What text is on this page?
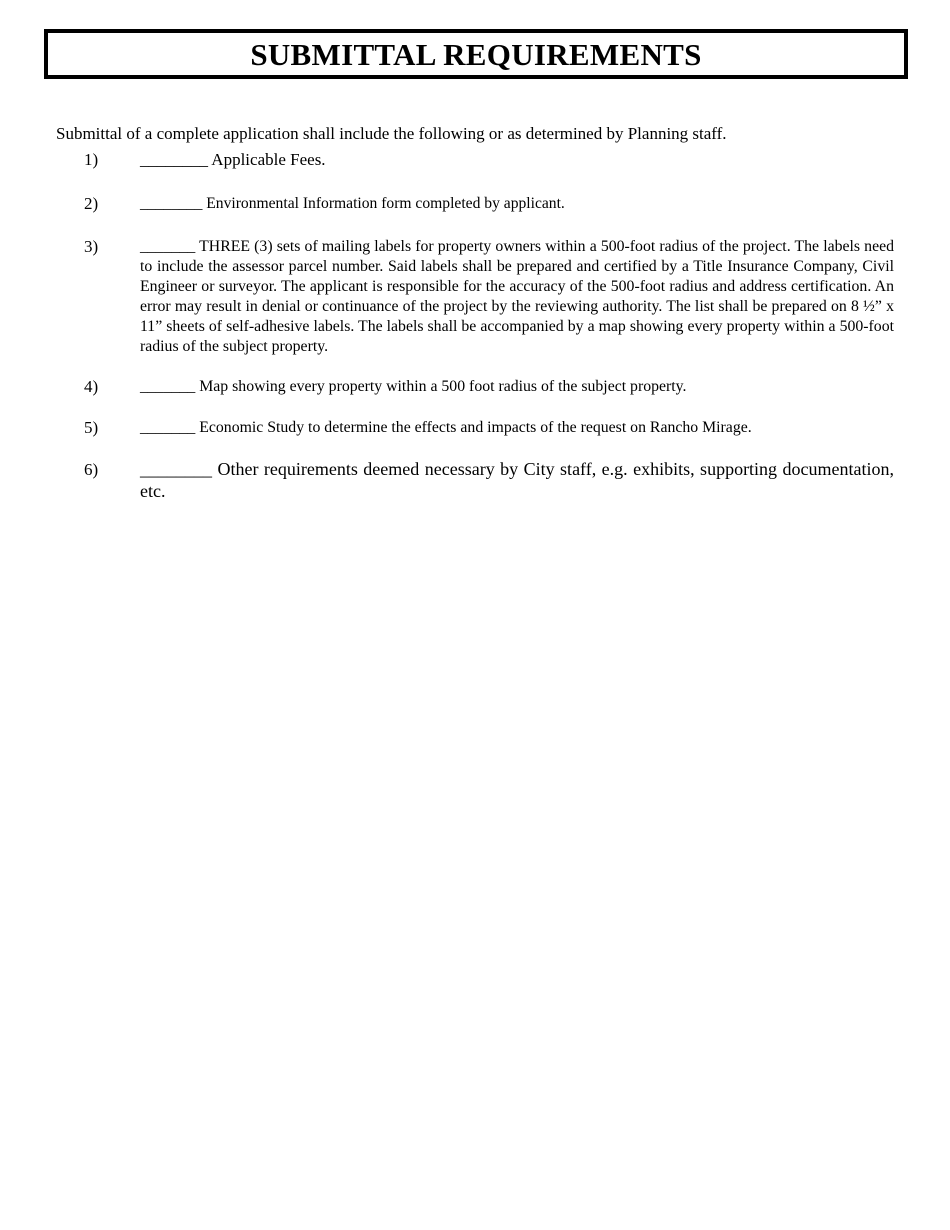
SUBMITTAL REQUIREMENTS

Submittal of a complete application shall include the following or as determined by Planning staff.

1) ________ Applicable Fees.
2)	________ Environmental Information form completed by applicant.
3)	_______ THREE (3) sets of mailing labels for property owners within a 500-foot radius of the project. The labels need to include the assessor parcel number. Said labels shall be prepared and certified by a Title Insurance Company, Civil Engineer or surveyor. The applicant is responsible for the accuracy of the 500-foot radius and address certification. An error may result in denial or continuance of the project by the reviewing authority. The list shall be prepared on 8 ½” x 11” sheets of self-adhesive labels. The labels shall be accompanied by a map showing every property within a 500-foot radius of the subject property.
4)	_______ Map showing every property within a 500 foot radius of the subject property.
5)	_______ Economic Study to determine the effects and impacts of the request on Rancho Mirage.
6) ________ Other requirements deemed necessary by City staff, e.g. exhibits, supporting documentation, etc.
